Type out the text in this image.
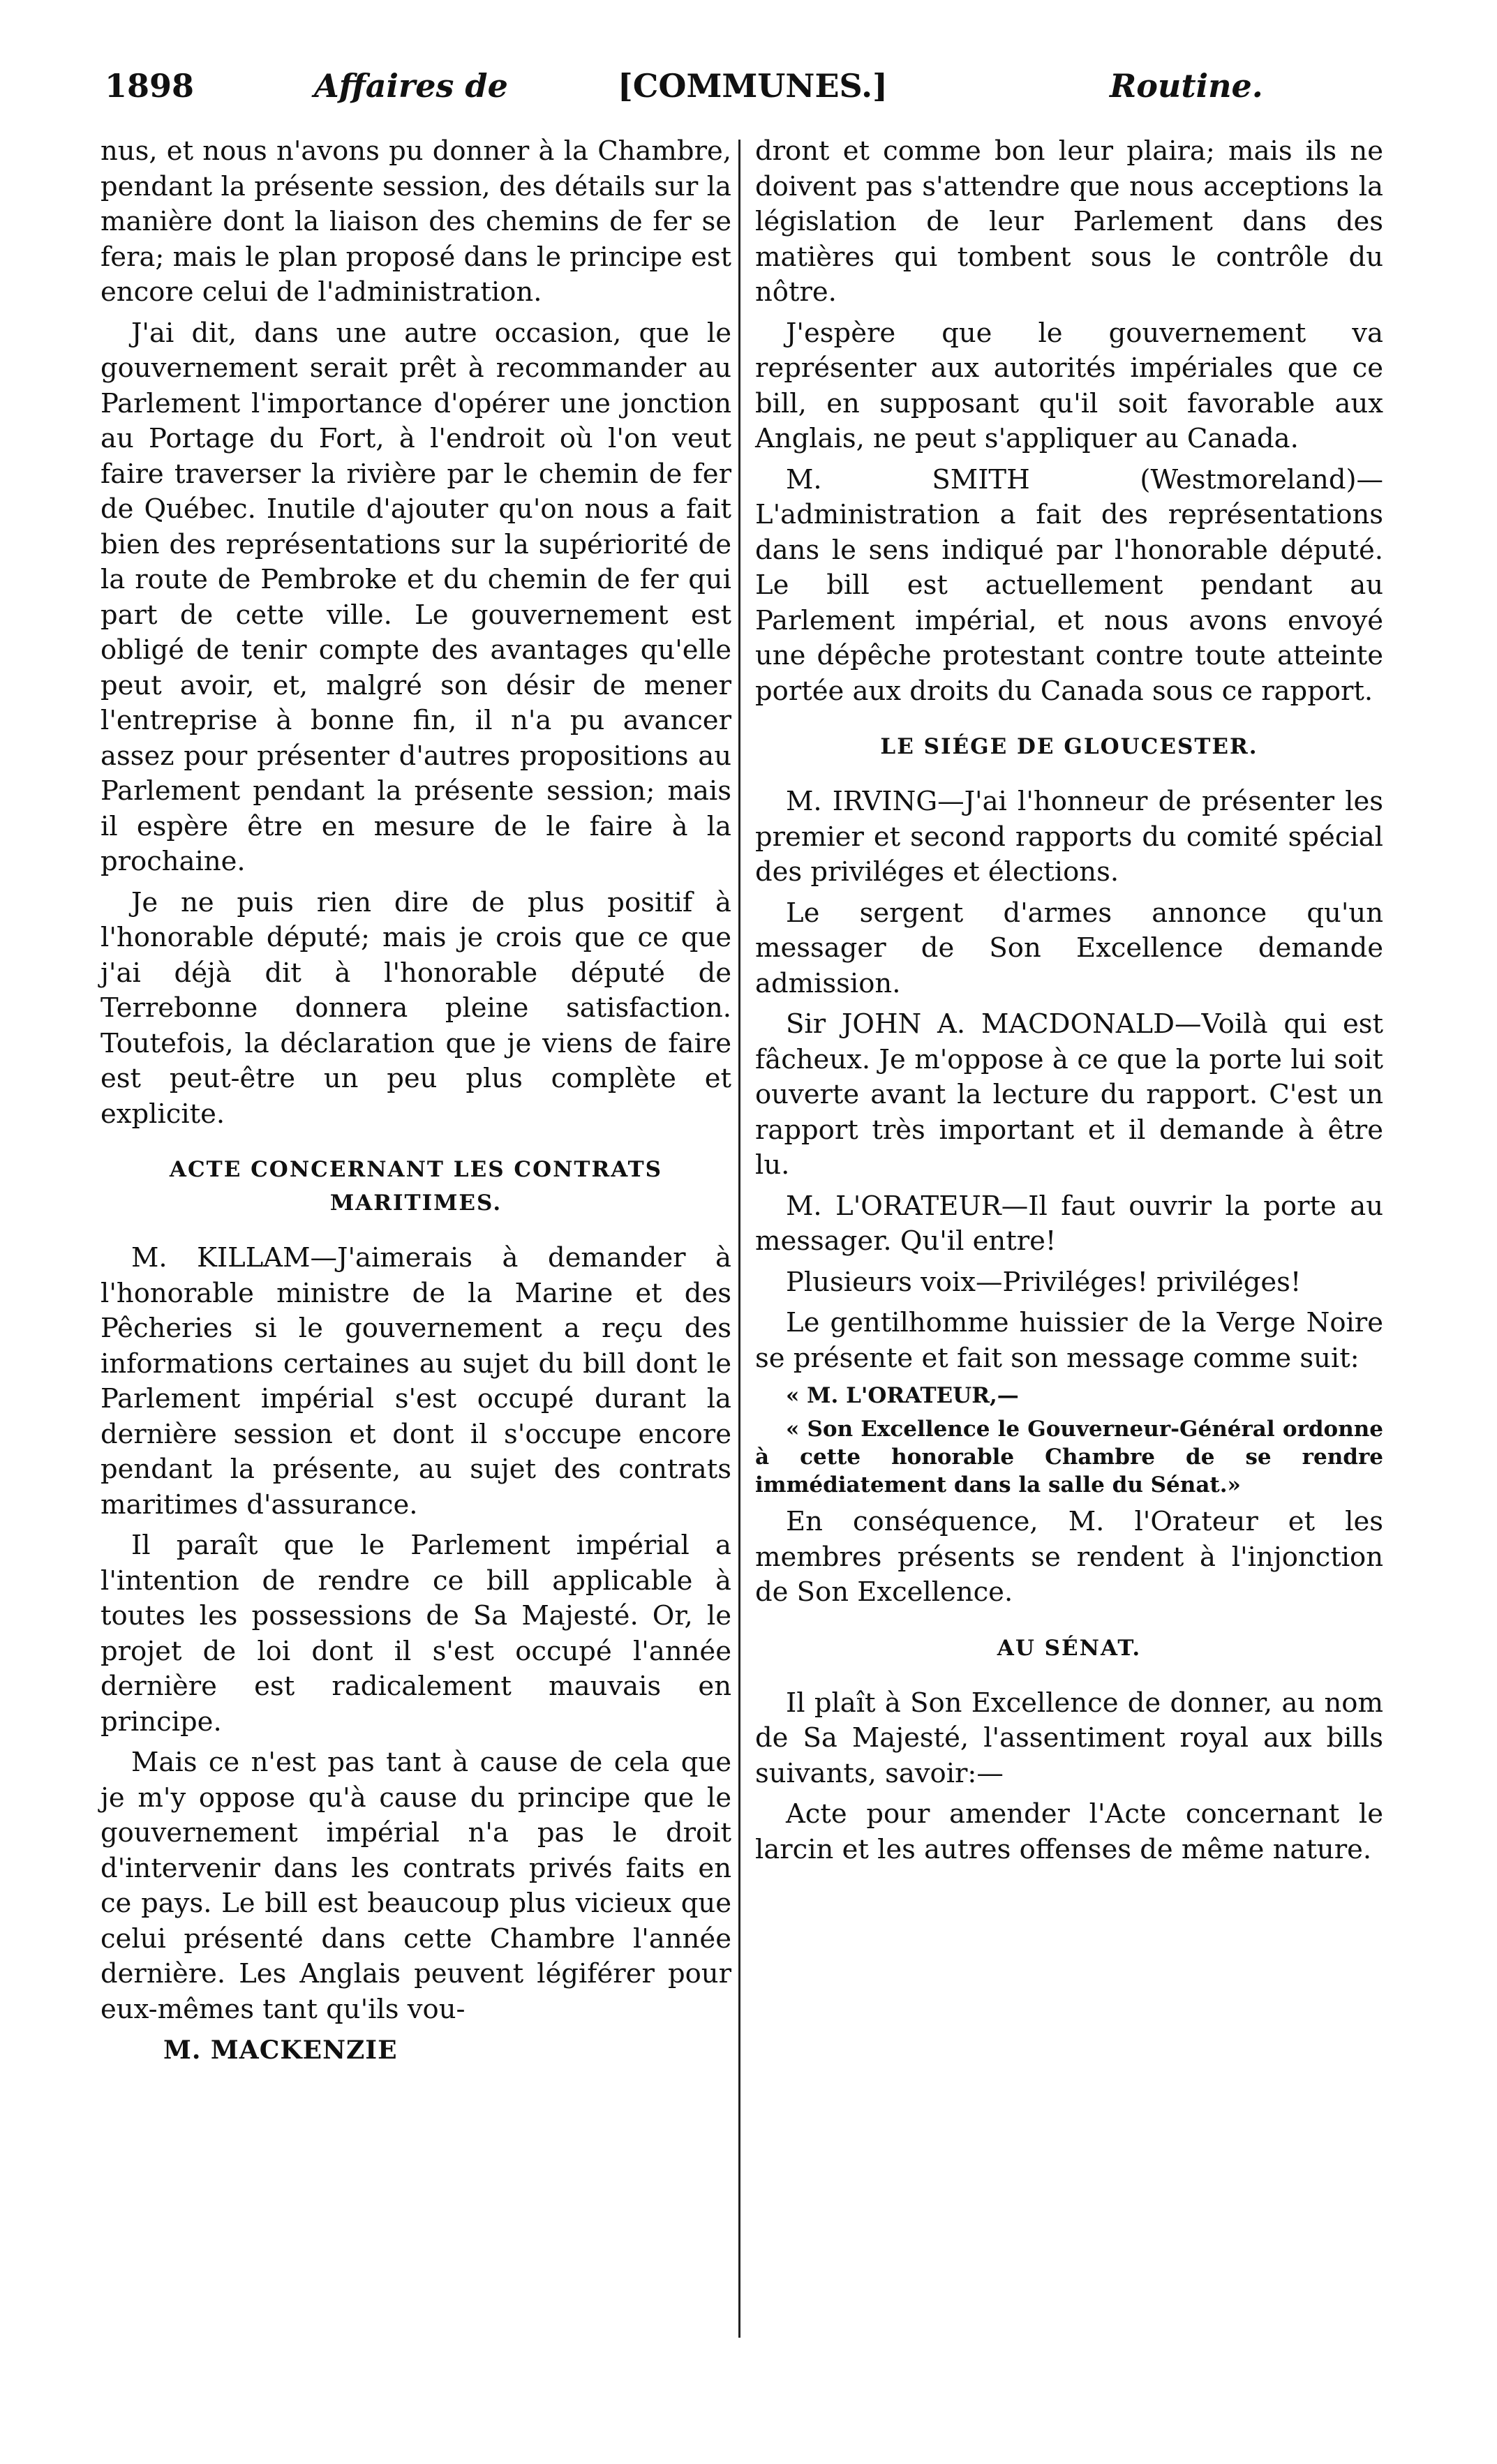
1898	Affaires de	[COMMUNES.]	Routine.

nus, et nous n'avons pu donner à la Chambre, pendant la présente session, des détails sur la manière dont la liaison des chemins de fer se fera; mais le plan proposé dans le principe est encore celui de l'administration.

J'ai dit, dans une autre occasion, que le gouvernement serait prêt à recommander au Parlement l'importance d'opérer une jonction au Portage du Fort, à l'endroit où l'on veut faire traverser la rivière par le chemin de fer de Québec. Inutile d'ajouter qu'on nous a fait bien des représentations sur la supériorité de la route de Pembroke et du chemin de fer qui part de cette ville. Le gouvernement est obligé de tenir compte des avantages qu'elle peut avoir, et, malgré son désir de mener l'entreprise à bonne fin, il n'a pu avancer assez pour présenter d'autres propositions au Parlement pendant la présente session; mais il espère être en mesure de le faire à la prochaine.

Je ne puis rien dire de plus positif à l'honorable député; mais je crois que ce que j'ai déjà dit à l'honorable député de Terrebonne donnera pleine satisfaction. Toutefois, la déclaration que je viens de faire est peut-être un peu plus complète et explicite.

ACTE CONCERNANT LES CONTRATS MARITIMES.

M. KILLAM—J'aimerais à demander à l'honorable ministre de la Marine et des Pêcheries si le gouvernement a reçu des informations certaines au sujet du bill dont le Parlement impérial s'est occupé durant la dernière session et dont il s'occupe encore pendant la présente, au sujet des contrats maritimes d'assurance.

Il paraît que le Parlement impérial a l'intention de rendre ce bill applicable à toutes les possessions de Sa Majesté. Or, le projet de loi dont il s'est occupé l'année dernière est radicalement mauvais en principe.

Mais ce n'est pas tant à cause de cela que je m'y oppose qu'à cause du principe que le gouvernement impérial n'a pas le droit d'intervenir dans les contrats privés faits en ce pays. Le bill est beaucoup plus vicieux que celui présenté dans cette Chambre l'année dernière. Les Anglais peuvent légiférer pour eux-mêmes tant qu'ils vou-

M. MACKENZIE

dront et comme bon leur plaira; mais ils ne doivent pas s'attendre que nous acceptions la législation de leur Parlement dans des matières qui tombent sous le contrôle du nôtre.

J'espère que le gouvernement va représenter aux autorités impériales que ce bill, en supposant qu'il soit favorable aux Anglais, ne peut s'appliquer au Canada.

M. SMITH (Westmoreland)—L'administration a fait des représentations dans le sens indiqué par l'honorable député. Le bill est actuellement pendant au Parlement impérial, et nous avons envoyé une dépêche protestant contre toute atteinte portée aux droits du Canada sous ce rapport.

LE SIÉGE DE GLOUCESTER.

M. IRVING—J'ai l'honneur de présenter les premier et second rapports du comité spécial des priviléges et élections.

Le sergent d'armes annonce qu'un messager de Son Excellence demande admission.

Sir JOHN A. MACDONALD—Voilà qui est fâcheux. Je m'oppose à ce que la porte lui soit ouverte avant la lecture du rapport. C'est un rapport très important et il demande à être lu.

M. L'ORATEUR—Il faut ouvrir la porte au messager. Qu'il entre!

Plusieurs voix—Priviléges! priviléges!

Le gentilhomme huissier de la Verge Noire se présente et fait son message comme suit:

« M. L'ORATEUR,—

« Son Excellence le Gouverneur-Général ordonne à cette honorable Chambre de se rendre immédiatement dans la salle du Sénat.»

En conséquence, M. l'Orateur et les membres présents se rendent à l'injonction de Son Excellence.

AU SÉNAT.

Il plaît à Son Excellence de donner, au nom de Sa Majesté, l'assentiment royal aux bills suivants, savoir:—

Acte pour amender l'Acte concernant le larcin et les autres offenses de même nature.
